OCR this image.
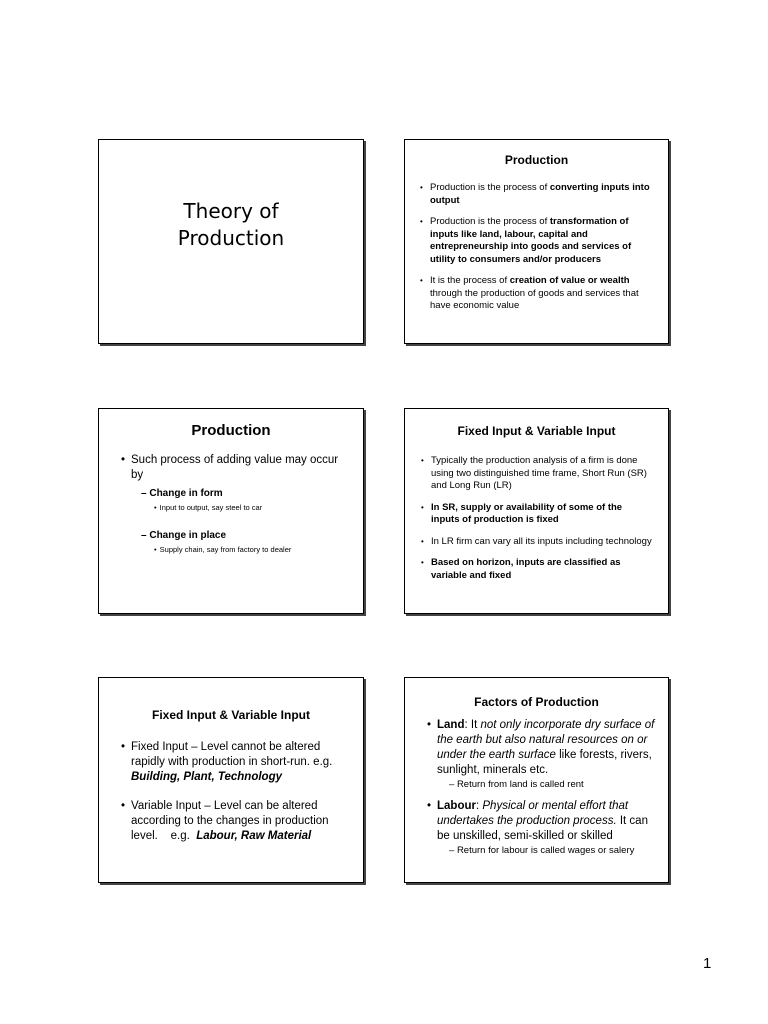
Theory of
Production
Production
• Production is the process of converting inputs into output
• Production is the process of transformation of inputs like land, labour, capital and entrepreneurship into goods and services of utility to consumers and/or producers
• It is the process of creation of value or wealth through the production of goods and services that have economic value
Production
• Such process of adding value may occur by
– Change in form
• Input to output, say steel to car
– Change in place
• Supply chain, say from factory to dealer
Fixed Input & Variable Input
• Typically the production analysis of a firm is done using two distinguished time frame, Short Run (SR) and Long Run (LR)
• In SR, supply or availability of some of the inputs of production is fixed
• In LR firm can vary all its inputs including technology
• Based on horizon, inputs are classified as variable and fixed
Fixed Input & Variable Input
• Fixed Input – Level cannot be altered rapidly with production in short-run. e.g. Building, Plant, Technology
• Variable Input – Level can be altered according to the changes in production level.    e.g.  Labour, Raw Material
Factors of Production
• Land: It not only incorporate dry surface of the earth but also natural resources on or under the earth surface like forests, rivers, sunlight, minerals etc.
– Return from land is called rent
• Labour: Physical or mental effort that undertakes the production process. It can be unskilled, semi-skilled or skilled
– Return for labour is called wages or salery
1
